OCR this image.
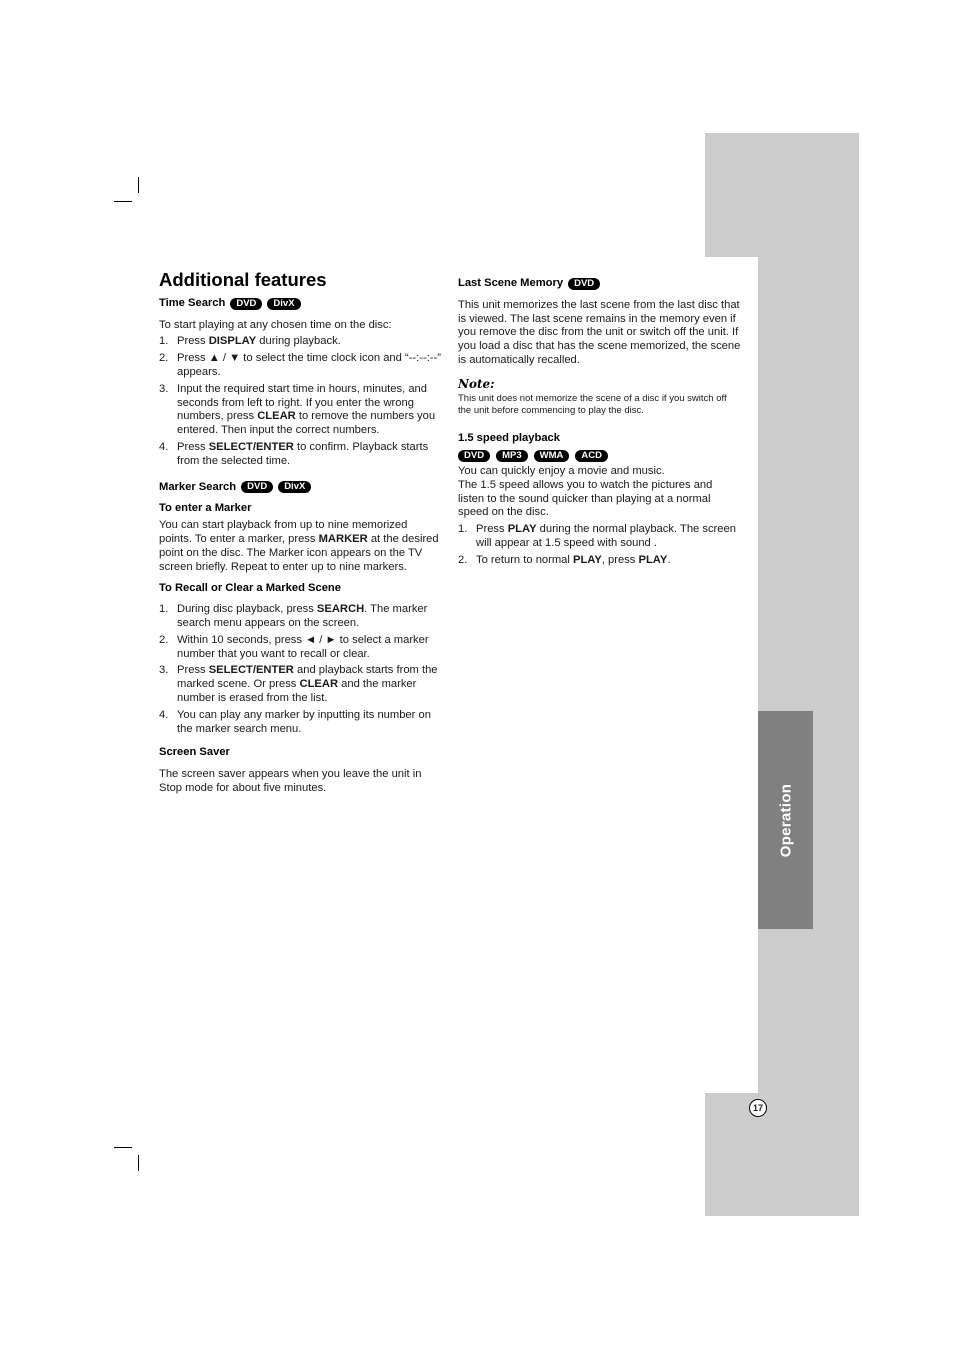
Operation
17
Additional features
Time Search	DVD	DivX

To start playing at any chosen time on the disc:

1. Press DISPLAY during playback.
2. Press ▲ / ▼ to select the time clock icon and “--:--:--” appears.
3. Input the required start time in hours, minutes, and seconds from left to right. If you enter the wrong numbers, press CLEAR to remove the numbers you entered. Then input the correct numbers.
4. Press SELECT/ENTER to confirm. Playback starts from the selected time.
Marker Search	DVD	DivX
To enter a Marker

You can start playback from up to nine memorized points. To enter a marker, press MARKER at the desired point on the disc. The Marker icon appears on the TV screen briefly. Repeat to enter up to nine markers.

To Recall or Clear a Marked Scene
1. During disc playback, press SEARCH. The marker search menu appears on the screen.
2. Within 10 seconds, press ◄ / ► to select a marker number that you want to recall or clear.
3. Press SELECT/ENTER and playback starts from the marked scene. Or press CLEAR and the marker number is erased from the list.
4. You can play any marker by inputting its number on the marker search menu.
Screen Saver

The screen saver appears when you leave the unit in Stop mode for about five minutes.

Last Scene Memory	DVD

This unit memorizes the last scene from the last disc that is viewed. The last scene remains in the memory even if you remove the disc from the unit or switch off the unit. If you load a disc that has the scene memorized, the scene is automatically recalled.

Note:

This unit does not memorize the scene of a disc if you switch off the unit before commencing to play the disc.

1.5 speed playback
DVD	MP3	WMA	ACD

You can quickly enjoy a movie and music.

The 1.5 speed allows you to watch the pictures and listen to the sound quicker than playing at a normal speed on the disc.

1. Press PLAY during the normal playback. The screen will appear at 1.5 speed with sound .
2. To return to normal PLAY, press PLAY.
